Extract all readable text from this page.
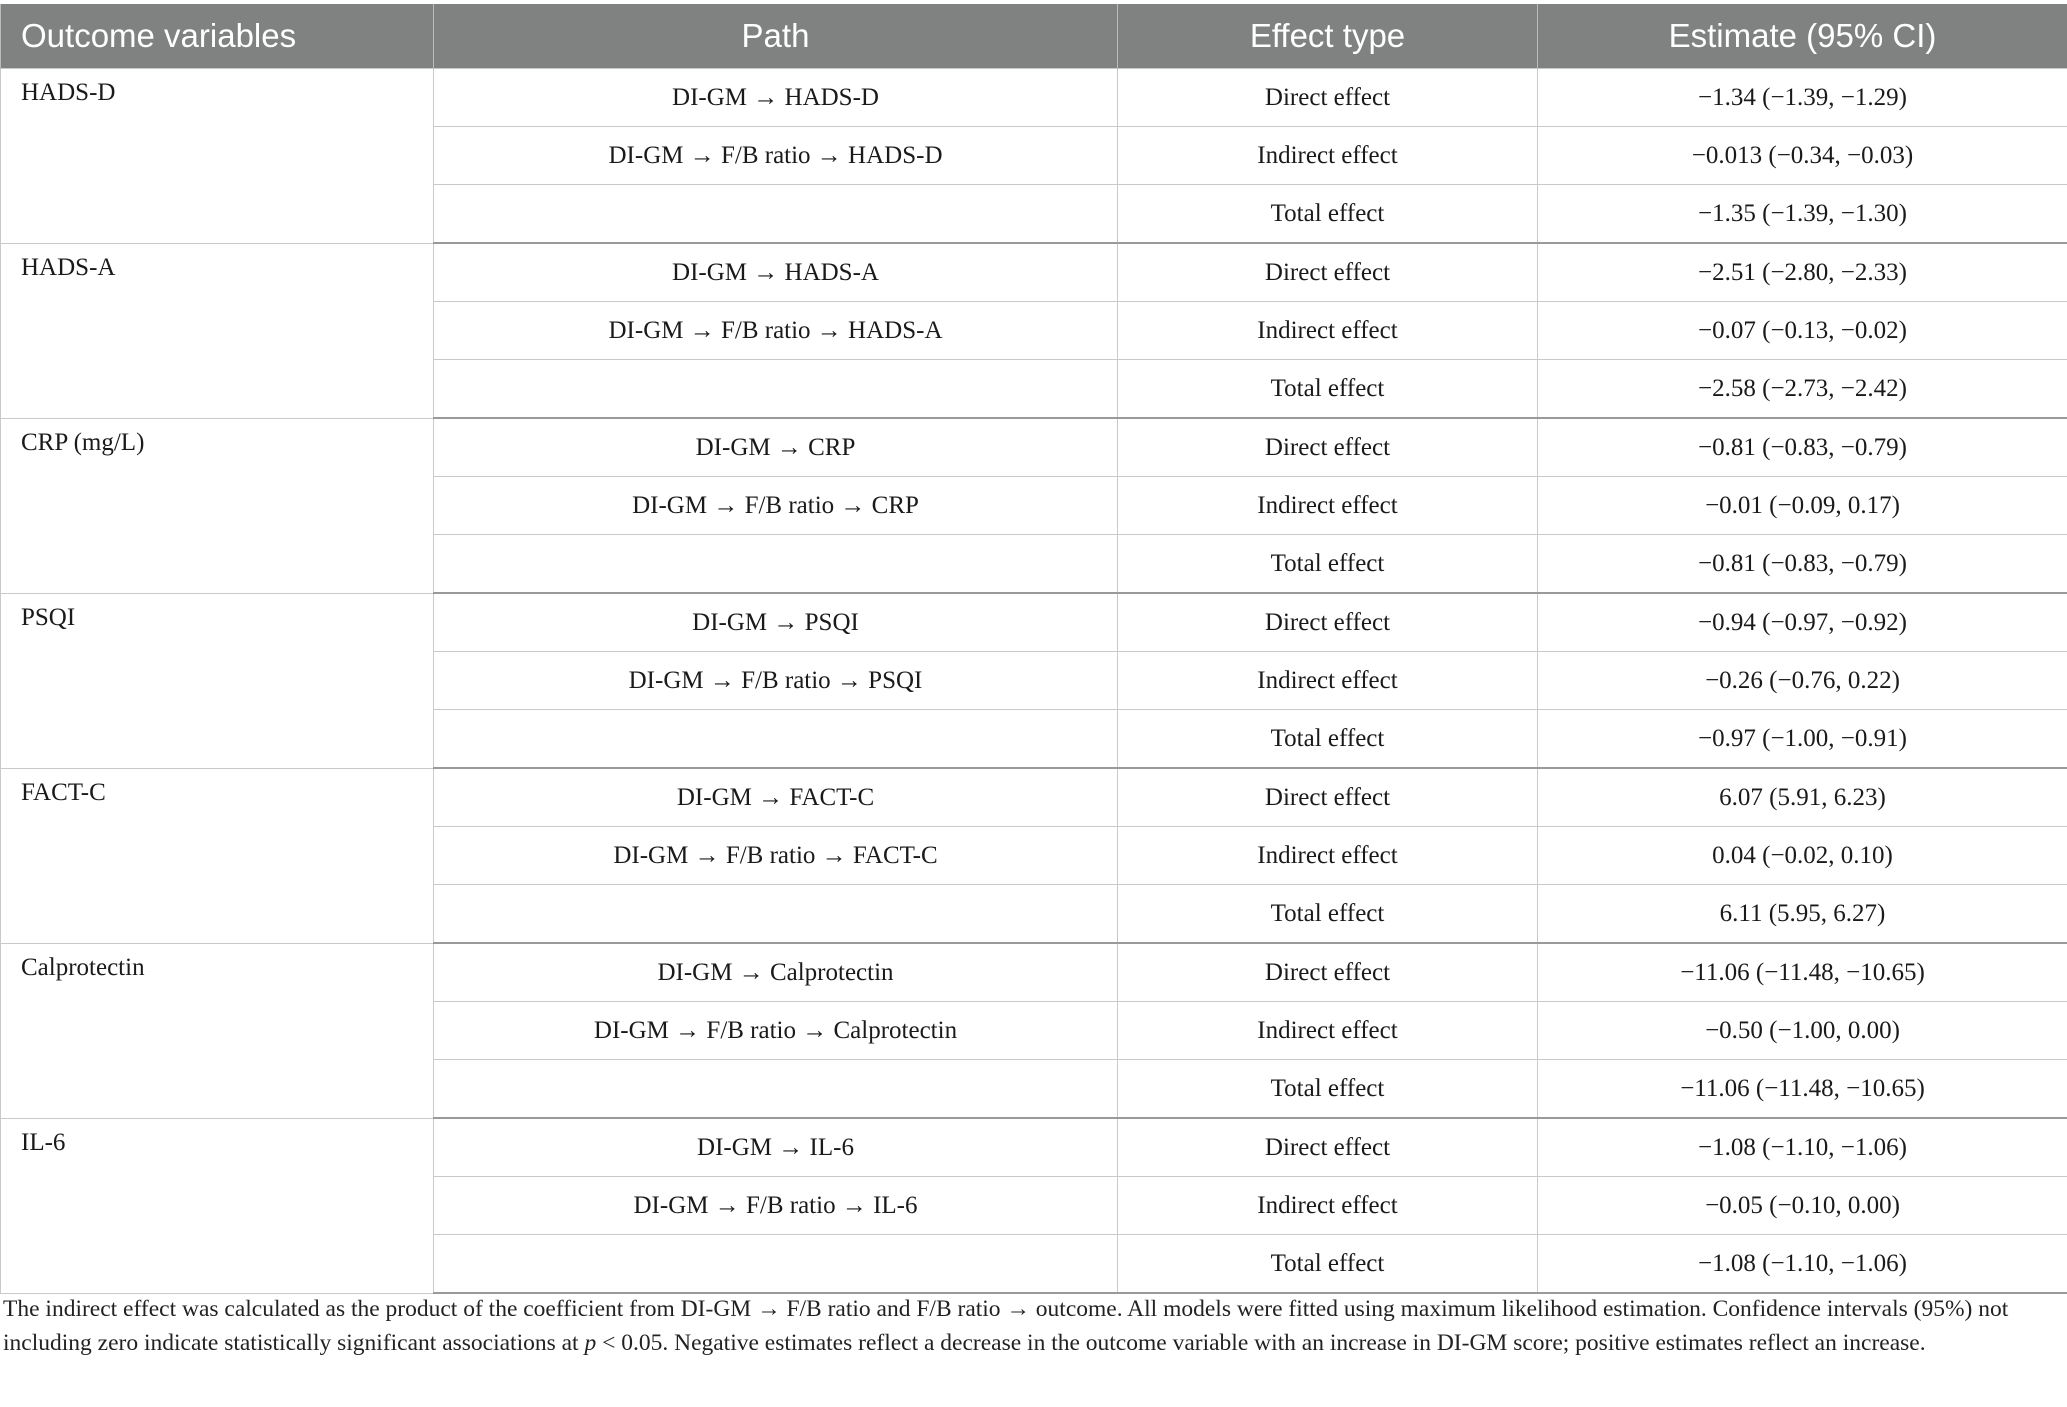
Outcome variables	Path	Effect type	Estimate (95% CI)
HADS-D	DI-GM → HADS-D	Direct effect	−1.34 (−1.39, −1.29)
	DI-GM → F/B ratio → HADS-D	Indirect effect	−0.013 (−0.34, −0.03)
		Total effect	−1.35 (−1.39, −1.30)
HADS-A	DI-GM → HADS-A	Direct effect	−2.51 (−2.80, −2.33)
	DI-GM → F/B ratio → HADS-A	Indirect effect	−0.07 (−0.13, −0.02)
		Total effect	−2.58 (−2.73, −2.42)
CRP (mg/L)	DI-GM → CRP	Direct effect	−0.81 (−0.83, −0.79)
	DI-GM → F/B ratio → CRP	Indirect effect	−0.01 (−0.09, 0.17)
		Total effect	−0.81 (−0.83, −0.79)
PSQI	DI-GM → PSQI	Direct effect	−0.94 (−0.97, −0.92)
	DI-GM → F/B ratio → PSQI	Indirect effect	−0.26 (−0.76, 0.22)
		Total effect	−0.97 (−1.00, −0.91)
FACT-C	DI-GM → FACT-C	Direct effect	6.07 (5.91, 6.23)
	DI-GM → F/B ratio → FACT-C	Indirect effect	0.04 (−0.02, 0.10)
		Total effect	6.11 (5.95, 6.27)
Calprotectin	DI-GM → Calprotectin	Direct effect	−11.06 (−11.48, −10.65)
	DI-GM → F/B ratio → Calprotectin	Indirect effect	−0.50 (−1.00, 0.00)
		Total effect	−11.06 (−11.48, −10.65)
IL-6	DI-GM → IL-6	Direct effect	−1.08 (−1.10, −1.06)
	DI-GM → F/B ratio → IL-6	Indirect effect	−0.05 (−0.10, 0.00)
		Total effect	−1.08 (−1.10, −1.06)
The indirect effect was calculated as the product of the coefficient from DI-GM → F/B ratio and F/B ratio → outcome. All models were fitted using maximum likelihood estimation. Confidence intervals (95%) not including zero indicate statistically significant associations at p < 0.05. Negative estimates reflect a decrease in the outcome variable with an increase in DI-GM score; positive estimates reflect an increase.
